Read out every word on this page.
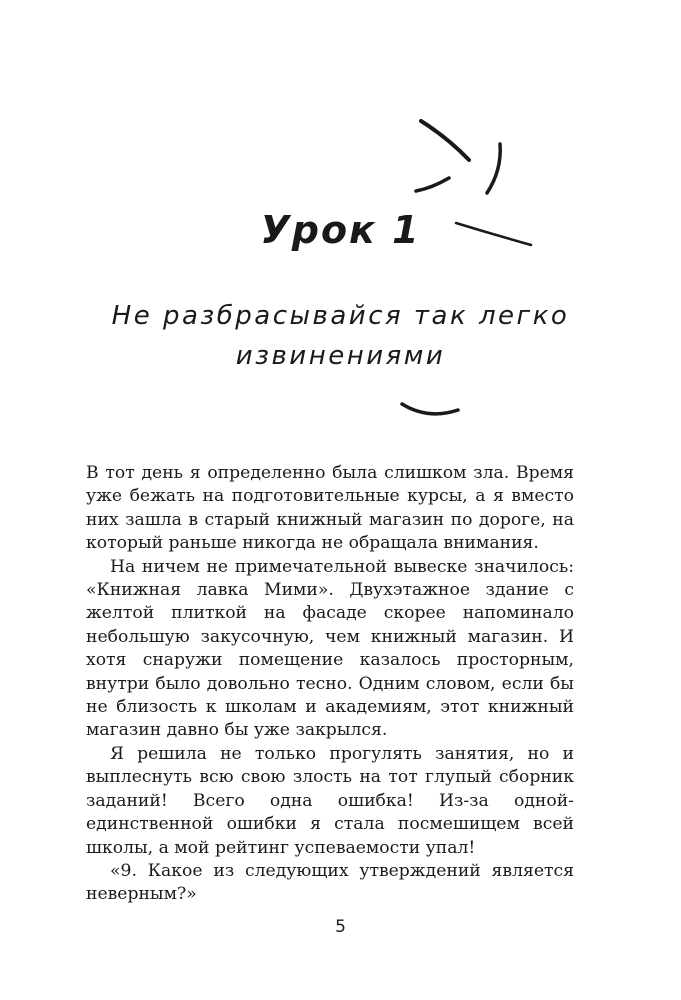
Урок 1
Не разбрасывайся так легко
извинениями

В тот день я определенно была слишком зла. Время уже бежать на подготовительные курсы, а я вместо них зашла в старый книжный магазин по дороге, на который раньше никогда не обращала внимания.

На ничем не примечательной вывеске значилось: «Книжная лавка Мими». Двухэтажное здание с желтой плиткой на фасаде скорее напоминало небольшую закусочную, чем книжный магазин. И хотя снаружи помещение казалось просторным, внутри было довольно тесно. Одним словом, если бы не близость к школам и академиям, этот книжный магазин давно бы уже закрылся.

Я решила не только прогулять занятия, но и выплеснуть всю свою злость на тот глупый сборник заданий! Всего одна ошибка! Из-за одной-единственной ошибки я стала посмешищем всей школы, а мой рейтинг успеваемости упал!

«9. Какое из следующих утверждений является неверным?»

5
